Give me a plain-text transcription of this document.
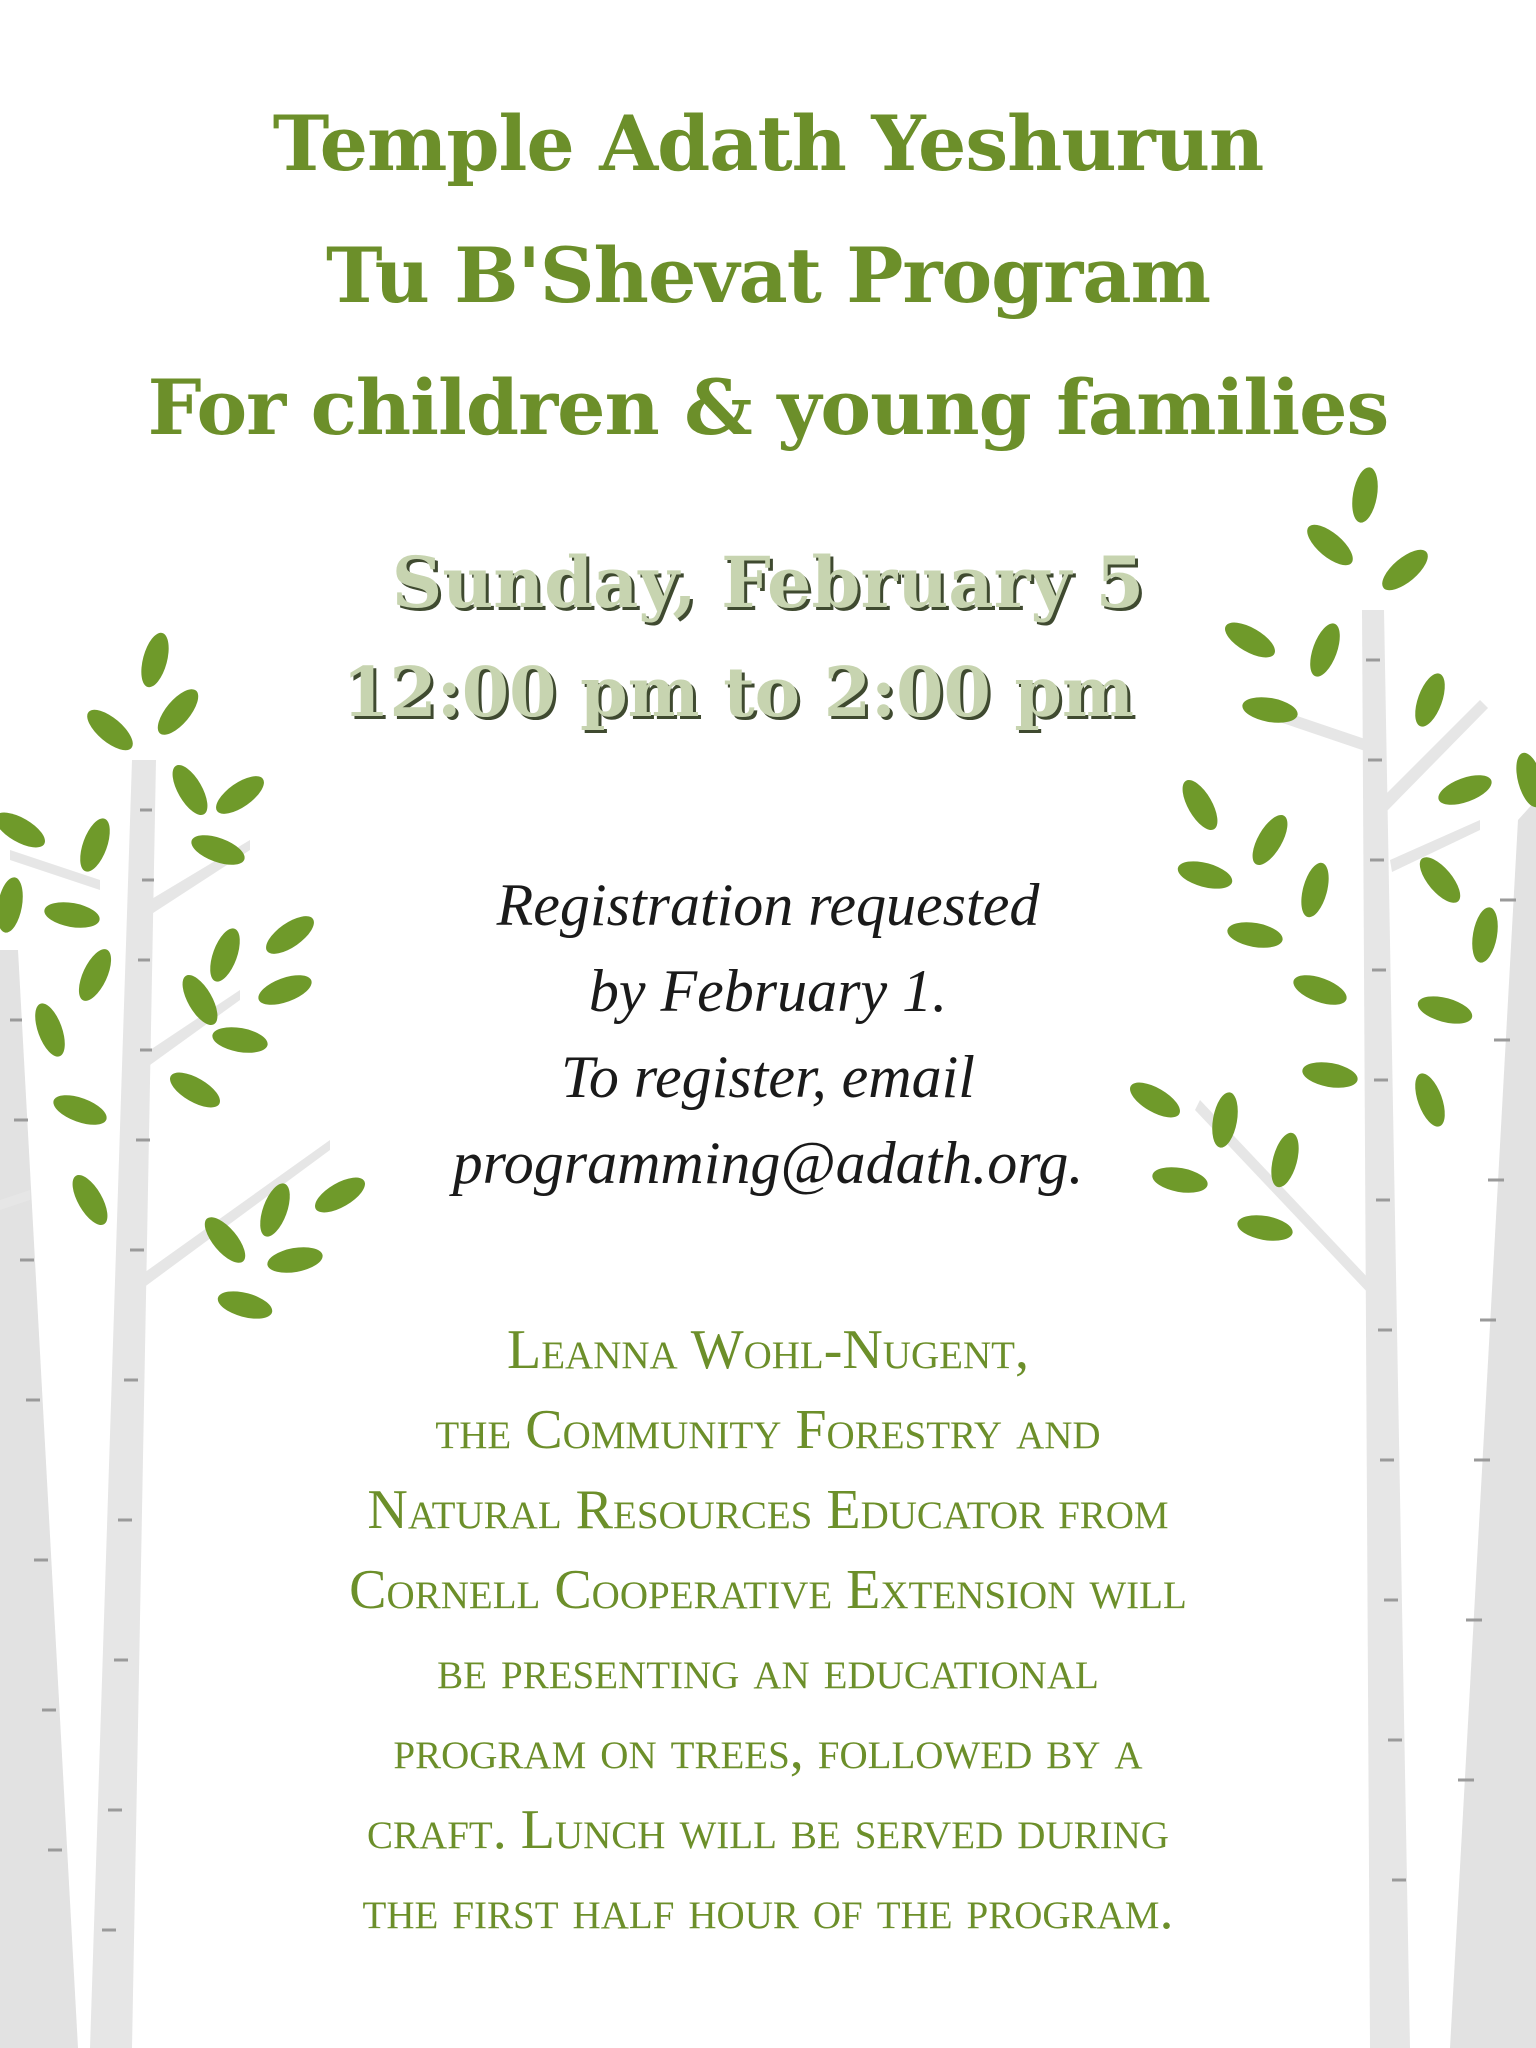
Temple Adath Yeshurun
Tu B'Shevat Program
For children & young families
Sunday, February 5
12:00 pm to 2:00 pm
Registration requested
by February 1.
To register, email
programming@adath.org.
Leanna Wohl-Nugent,
the Community Forestry and
Natural Resources Educator from
Cornell Cooperative Extension will
be presenting an educational
program on trees, followed by a
craft. Lunch will be served during
the first half hour of the program.
